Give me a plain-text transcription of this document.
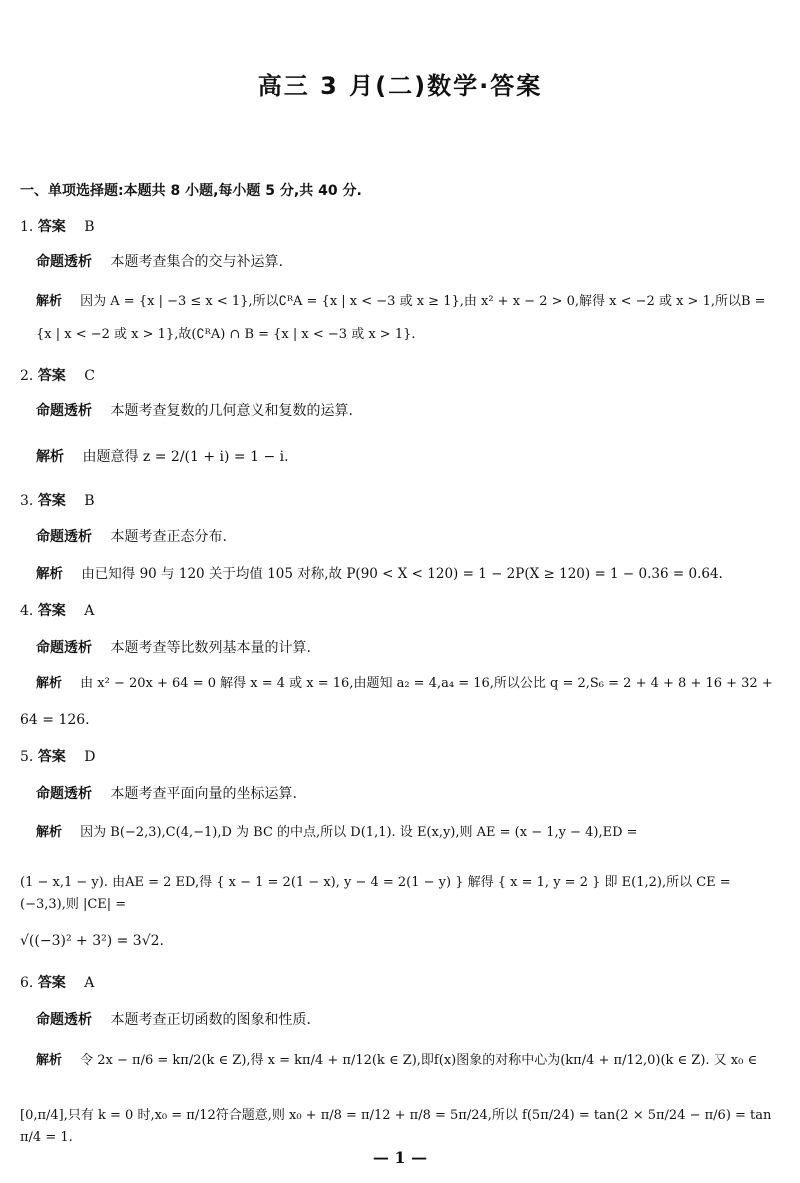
高三 3 月(二)数学·答案
一、单项选择题:本题共 8 小题,每小题 5 分,共 40 分.
1. 答案 B
命题透析 本题考查集合的交与补运算.
解析 因为 A = {x | −3 ≤ x < 1},所以∁ᴿA = {x | x < −3 或 x ≥ 1},由 x² + x − 2 > 0,解得 x < −2 或 x > 1,所以B =
{x | x < −2 或 x > 1},故(∁ᴿA) ∩ B = {x | x < −3 或 x > 1}.
2. 答案 C
命题透析 本题考查复数的几何意义和复数的运算.
解析 由题意得 z = 2/(1 + i) = 1 − i.
3. 答案 B
命题透析 本题考查正态分布.
解析 由已知得 90 与 120 关于均值 105 对称,故 P(90 < X < 120) = 1 − 2P(X ≥ 120) = 1 − 0.36 = 0.64.
4. 答案 A
命题透析 本题考查等比数列基本量的计算.
解析 由 x² − 20x + 64 = 0 解得 x = 4 或 x = 16,由题知 a₂ = 4,a₄ = 16,所以公比 q = 2,S₆ = 2 + 4 + 8 + 16 + 32 +
64 = 126.
5. 答案 D
命题透析 本题考查平面向量的坐标运算.
解析 因为 B(−2,3),C(4,−1),D 为 BC 的中点,所以 D(1,1). 设 E(x,y),则 AE = (x − 1,y − 4),ED =
(1 − x,1 − y). 由AE = 2 ED,得 { x − 1 = 2(1 − x), y − 4 = 2(1 − y) } 解得 { x = 1, y = 2 } 即 E(1,2),所以 CE = (−3,3),则 |CE| =
√((−3)² + 3²) = 3√2.
6. 答案 A
命题透析 本题考查正切函数的图象和性质.
解析 令 2x − π/6 = kπ/2(k ∈ Z),得 x = kπ/4 + π/12(k ∈ Z),即f(x)图象的对称中心为(kπ/4 + π/12,0)(k ∈ Z). 又 x₀ ∈
[0,π/4],只有 k = 0 时,x₀ = π/12符合题意,则 x₀ + π/8 = π/12 + π/8 = 5π/24,所以 f(5π/24) = tan(2 × 5π/24 − π/6) = tan π/4 = 1.
— 1 —
